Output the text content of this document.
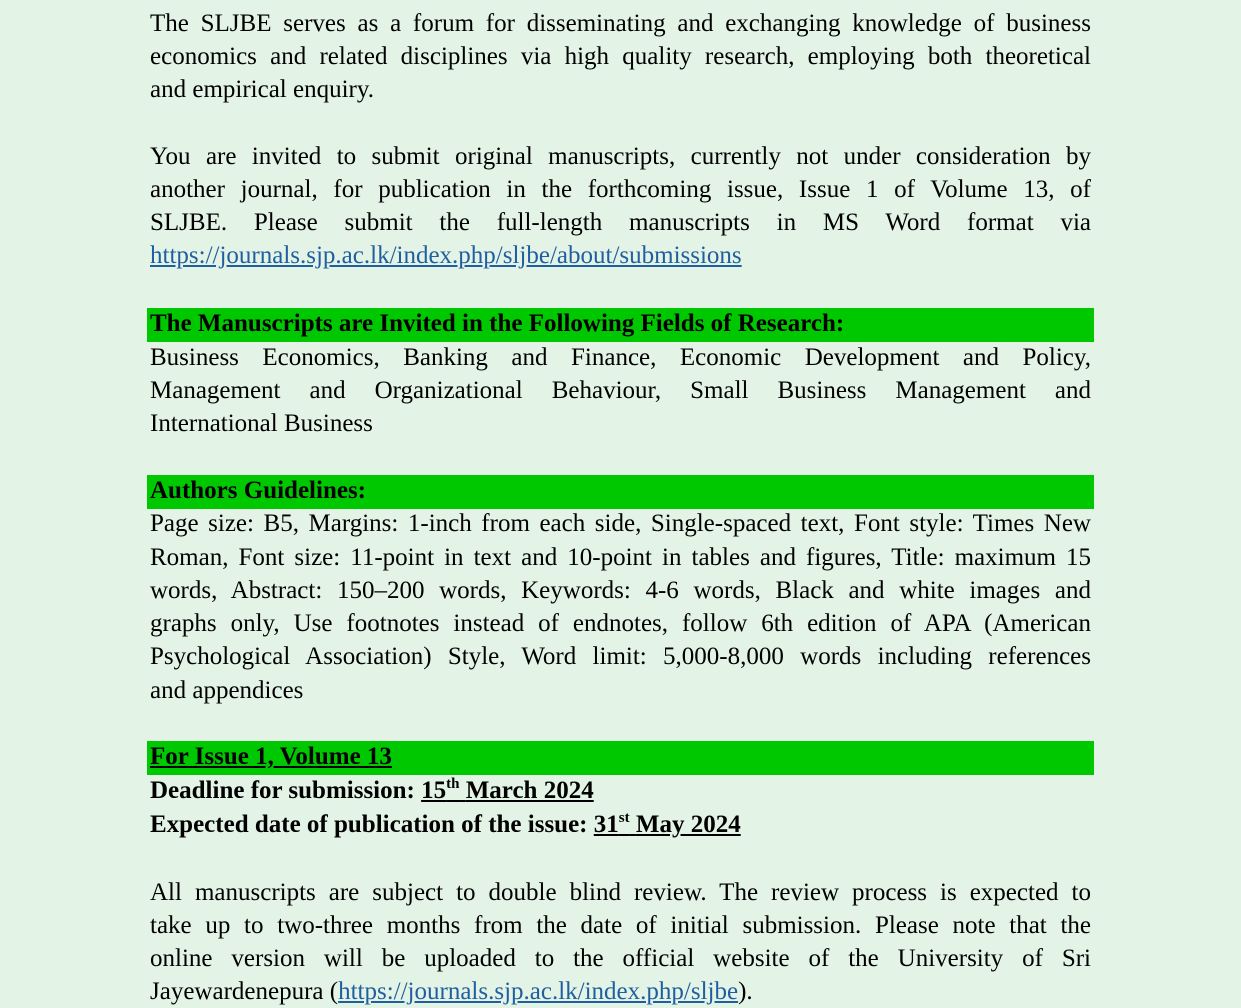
The SLJBE serves as a forum for disseminating and exchanging knowledge of business
economics and related disciplines via high quality research, employing both theoretical
and empirical enquiry.
You are invited to submit original manuscripts, currently not under consideration by
another journal, for publication in the forthcoming issue, Issue 1 of Volume 13, of
SLJBE. Please submit the full-length manuscripts in MS Word format via
https://journals.sjp.ac.lk/index.php/sljbe/about/submissions
The Manuscripts are Invited in the Following Fields of Research:
Business Economics, Banking and Finance, Economic Development and Policy,
Management and Organizational Behaviour, Small Business Management and
International Business
Authors Guidelines:
Page size: B5, Margins: 1-inch from each side, Single-spaced text, Font style: Times New
Roman, Font size: 11-point in text and 10-point in tables and figures, Title: maximum 15
words, Abstract: 150–200 words, Keywords: 4-6 words, Black and white images and
graphs only, Use footnotes instead of endnotes, follow 6th edition of APA (American
Psychological Association) Style, Word limit: 5,000-8,000 words including references
and appendices
For Issue 1, Volume 13
Deadline for submission: 15th March 2024
Expected date of publication of the issue: 31st May 2024
All manuscripts are subject to double blind review. The review process is expected to
take up to two-three months from the date of initial submission. Please note that the
online version will be uploaded to the official website of the University of Sri
Jayewardenepura (https://journals.sjp.ac.lk/index.php/sljbe).
